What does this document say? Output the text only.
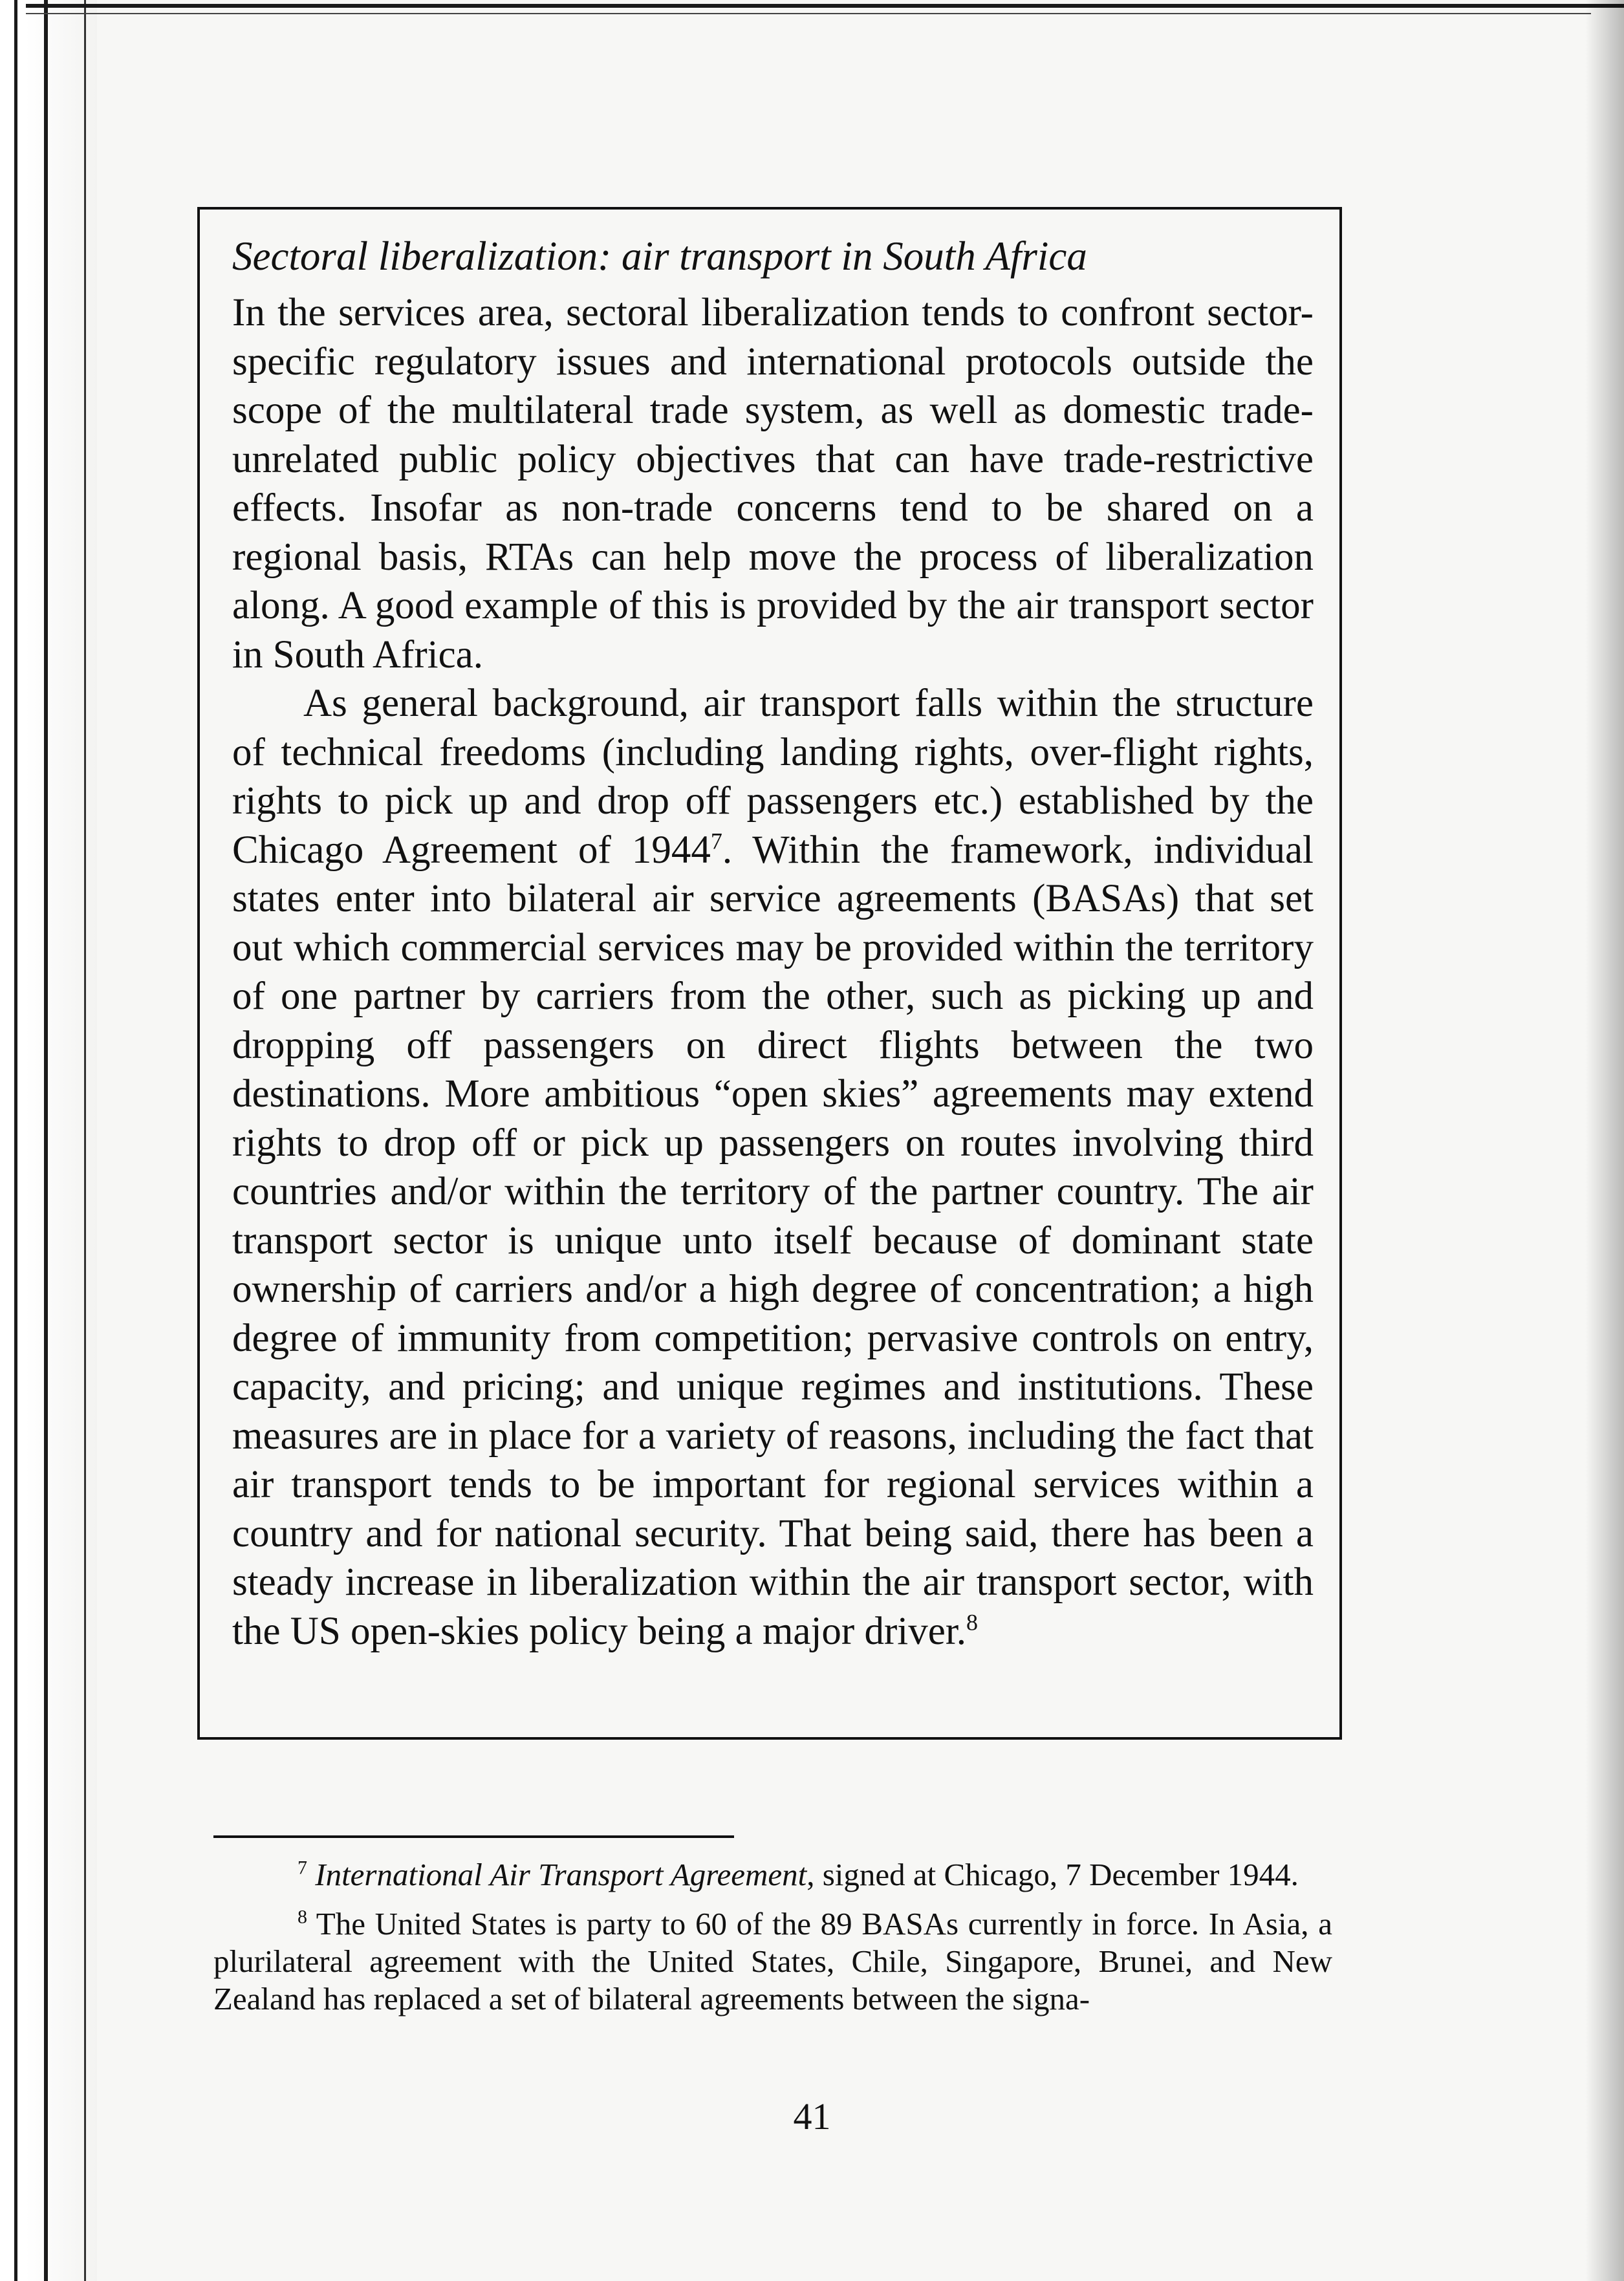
Sectoral liberalization: air transport in South Africa

In the services area, sectoral liberalization tends to confront sector-specific regulatory issues and international protocols outside the scope of the multilateral trade system, as well as domestic trade-unrelated public policy objectives that can have trade-restrictive effects. Insofar as non-trade concerns tend to be shared on a regional basis, RTAs can help move the process of liberalization along. A good example of this is provided by the air transport sector in South Africa.

As general background, air transport falls within the structure of technical freedoms (including landing rights, over-flight rights, rights to pick up and drop off passengers etc.) established by the Chicago Agreement of 1944$^7$. Within the framework, individual states enter into bilateral air service agreements (BASAs) that set out which commercial services may be provided within the territory of one partner by carriers from the other, such as picking up and dropping off passengers on direct flights between the two destinations. More ambitious “open skies” agreements may extend rights to drop off or pick up passengers on routes involving third countries and/or within the territory of the partner country. The air transport sector is unique unto itself because of dominant state ownership of carriers and/or a high degree of concentration; a high degree of immunity from competition; pervasive controls on entry, capacity, and pricing; and unique regimes and institutions. These measures are in place for a variety of reasons, including the fact that air transport tends to be important for regional services within a country and for national security. That being said, there has been a steady increase in liberalization within the air transport sector, with the US open-skies policy being a major driver.$^8$

$^7$ International Air Transport Agreement, signed at Chicago, 7 December 1944.

$^8$ The United States is party to 60 of the 89 BASAs currently in force. In Asia, a plurilateral agreement with the United States, Chile, Singapore, Brunei, and New Zealand has replaced a set of bilateral agreements between the signa-

41
